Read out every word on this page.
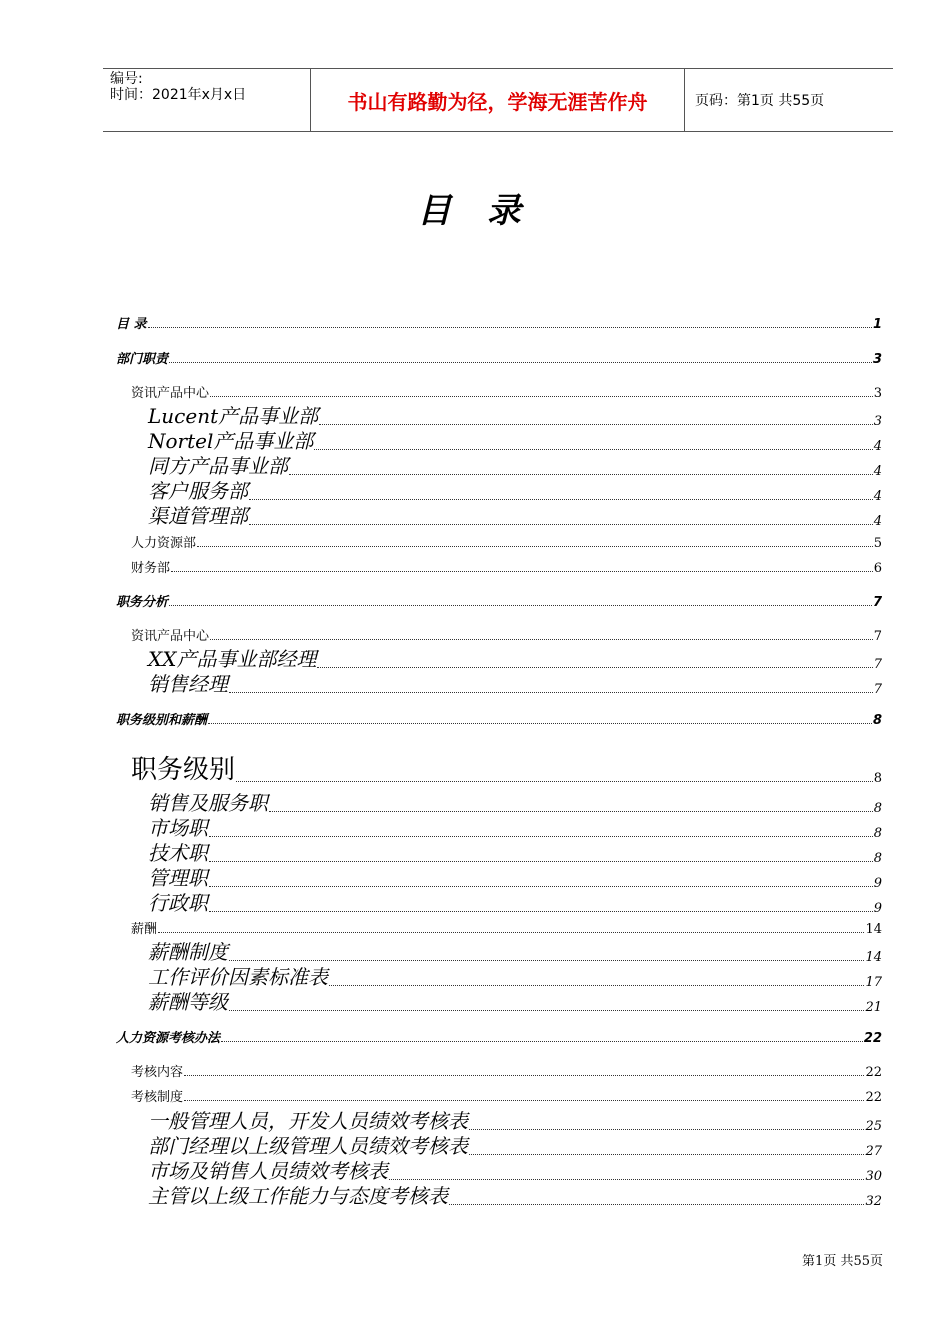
编号:
时间：2021年x月x日	书山有路勤为径，学海无涯苦作舟	页码：第1页 共55页
目 录
目 录	1
部门职责	3
资讯产品中心	3
Lucent产品事业部	3
Nortel产品事业部	4
同方产品事业部	4
客户服务部	4
渠道管理部	4
人力资源部	5
财务部	6
职务分析	7
资讯产品中心	7
XX产品事业部经理	7
销售经理	7
职务级别和薪酬	8
职务级别	8
销售及服务职	8
市场职	8
技术职	8
管理职	9
行政职	9
薪酬	14
薪酬制度	14
工作评价因素标准表	17
薪酬等级	21
人力资源考核办法	22
考核内容	22
考核制度	22
一般管理人员，开发人员绩效考核表	25
部门经理以上级管理人员绩效考核表	27
市场及销售人员绩效考核表	30
主管以上级工作能力与态度考核表	32
第1页 共55页
